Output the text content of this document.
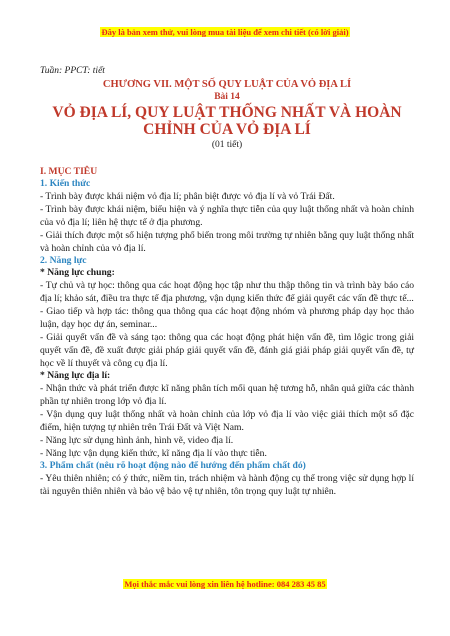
Đây là bản xem thử, vui lòng mua tài liệu để xem chi tiết (có lời giải)
Tuần: PPCT: tiết
CHƯƠNG VII. MỘT SỐ QUY LUẬT CỦA VỎ ĐỊA LÍ
Bài 14
VỎ ĐỊA LÍ, QUY LUẬT THỐNG NHẤT VÀ HOÀN CHỈNH CỦA VỎ ĐỊA LÍ
(01 tiết)
I. MỤC TIÊU
1. Kiến thức
- Trình bày được khái niệm vỏ địa lí; phân biệt được vỏ địa lí và vỏ Trái Đất.
- Trình bày được khái niệm, biểu hiện và ý nghĩa thực tiễn của quy luật thống nhất và hoàn chỉnh của vỏ địa lí; liên hệ thực tế ở địa phương.
- Giải thích được một số hiện tượng phổ biến trong môi trường tự nhiên bằng quy luật thống nhất và hoàn chỉnh của vỏ địa lí.
2. Năng lực
* Năng lực chung:
- Tự chủ và tự học: thông qua các hoạt động học tập như thu thập thông tin và trình bày báo cáo địa lí; khảo sát, điều tra thực tế địa phương, vận dụng kiến thức để giải quyết các vấn đề thực tế...
- Giao tiếp và hợp tác: thông qua thông qua các hoạt động nhóm và phương pháp dạy học thảo luận, dạy học dự án, seminar...
- Giải quyết vấn đề và sáng tạo: thông qua các hoạt động phát hiện vấn đề, tìm lôgic trong giải quyết vấn đề, đề xuất được giải pháp giải quyết vấn đề, đánh giá giải pháp giải quyết vấn đề, tự học về lí thuyết và công cụ địa lí.
* Năng lực địa lí:
- Nhận thức và phát triển được kĩ năng phân tích mối quan hệ tương hỗ, nhân quả giữa các thành phần tự nhiên trong lớp vỏ địa lí.
- Vận dụng quy luật thống nhất và hoàn chỉnh của lớp vỏ địa lí vào việc giải thích một số đặc điểm, hiện tượng tự nhiên trên Trái Đất và Việt Nam.
- Năng lực sử dụng hình ảnh, hình vẽ, video địa lí.
- Năng lực vận dụng kiến thức, kĩ năng địa lí vào thực tiễn.
3. Phẩm chất (nêu rõ hoạt động nào để hướng đến phẩm chất đó)
- Yêu thiên nhiên; có ý thức, niềm tin, trách nhiệm và hành động cụ thể trong việc sử dụng hợp lí tài nguyên thiên nhiên và bảo vệ bảo vệ tự nhiên, tôn trọng quy luật tự nhiên.
Mọi thắc mắc vui lòng xin liên hệ hotline: 084 283 45 85
